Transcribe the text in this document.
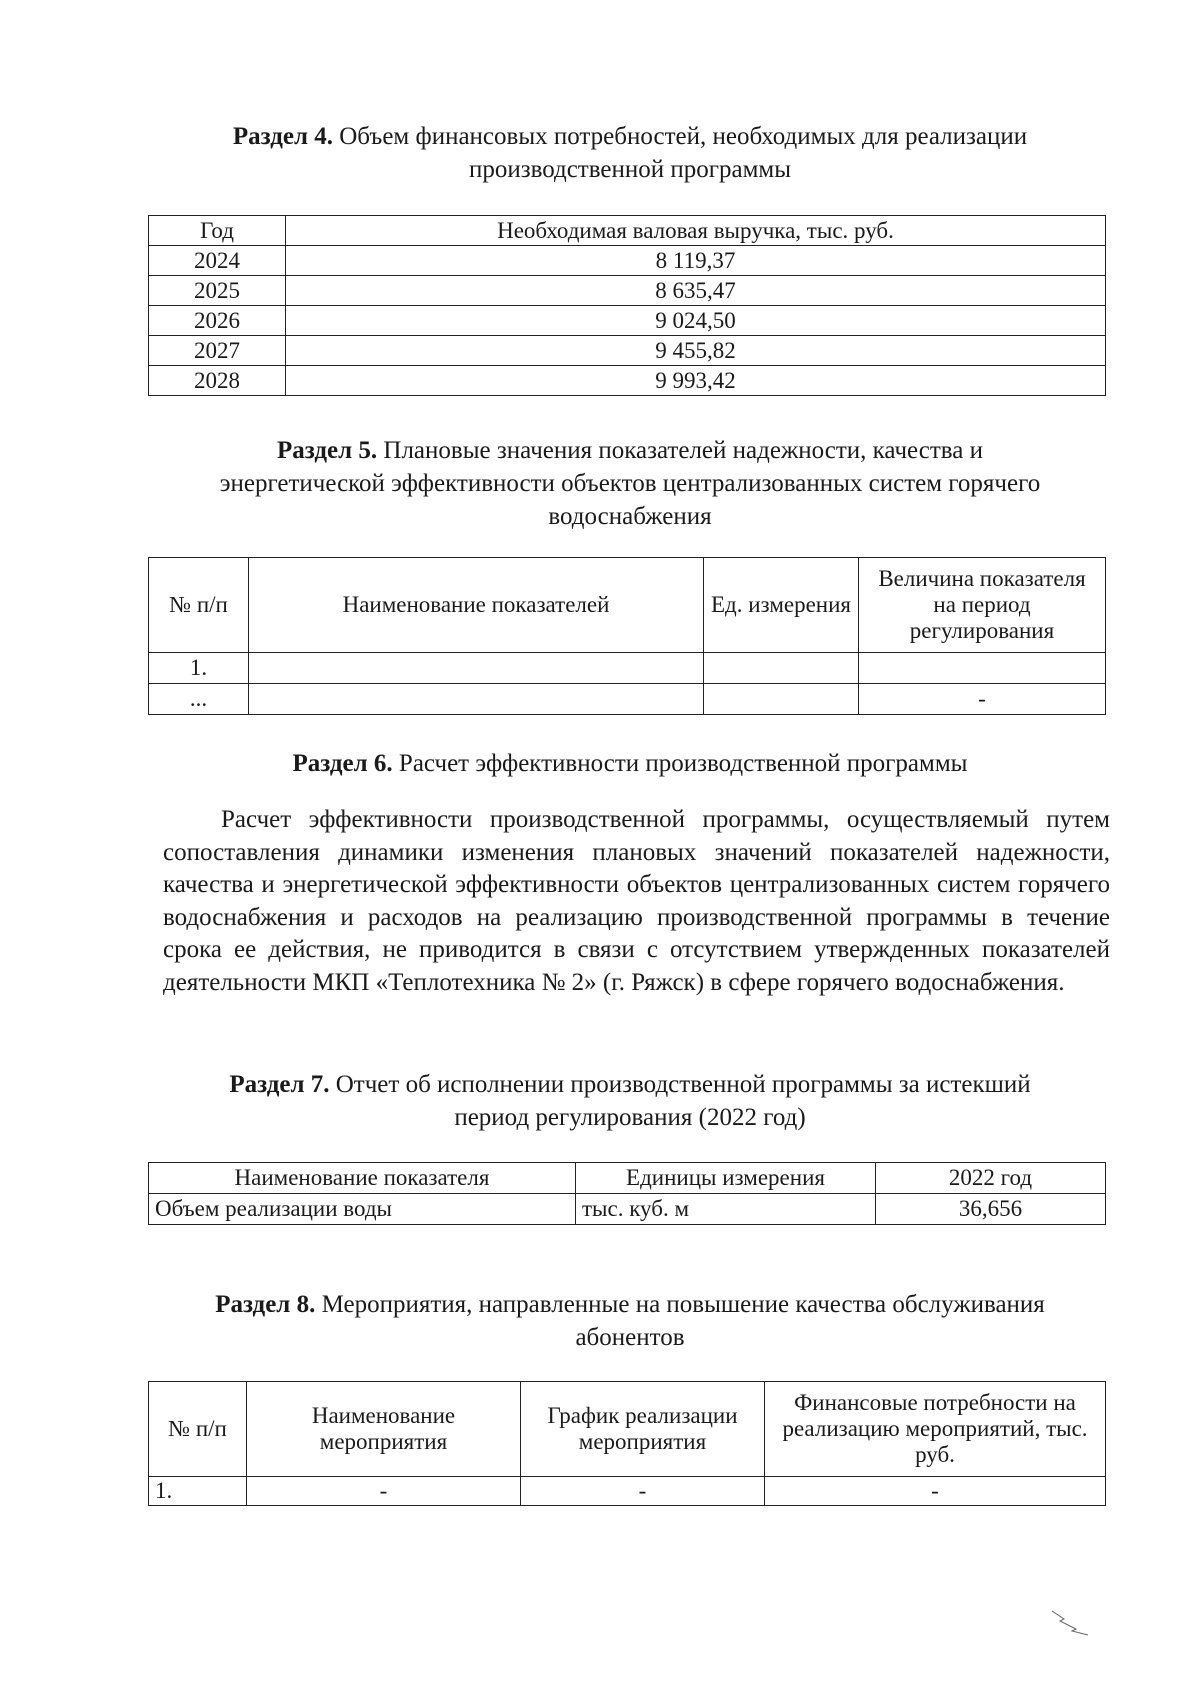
Раздел 4. Объем финансовых потребностей, необходимых для реализации
производственной программы
Год	Необходимая валовая выручка, тыс. руб.
2024	8 119,37
2025	8 635,47
2026	9 024,50
2027	9 455,82
2028	9 993,42
Раздел 5. Плановые значения показателей надежности, качества и
энергетической эффективности объектов централизованных систем горячего
водоснабжения
№ п/п	Наименование показателей	Ед. измерения	Величина показателя на период регулирования
1.			
...			-
Раздел 6. Расчет эффективности производственной программы
Расчет эффективности производственной программы, осуществляемый путем сопоставления динамики изменения плановых значений показателей надежности, качества и энергетической эффективности объектов централизованных систем горячего водоснабжения и расходов на реализацию производственной программы в течение срока ее действия, не приводится в связи с отсутствием утвержденных показателей деятельности МКП «Теплотехника № 2» (г. Ряжск) в сфере горячего водоснабжения.
Раздел 7. Отчет об исполнении производственной программы за истекший
период регулирования (2022 год)
Наименование показателя	Единицы измерения	2022 год
Объем реализации воды	тыс. куб. м	36,656
Раздел 8. Мероприятия, направленные на повышение качества обслуживания
абонентов
№ п/п	Наименование мероприятия	График реализации мероприятия	Финансовые потребности на реализацию мероприятий, тыс. руб.
1.	-	-	-
